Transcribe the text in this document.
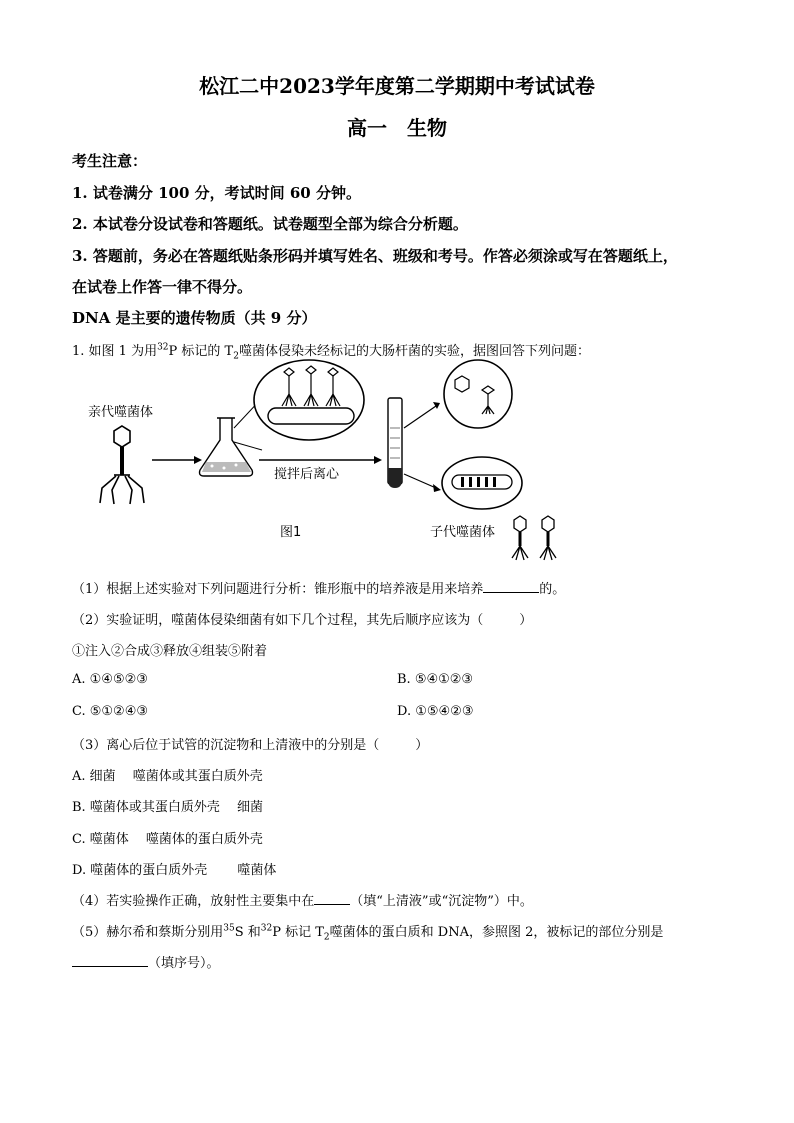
松江二中2023学年度第二学期期中考试试卷
高一　生物
考生注意：
1. 试卷满分 100 分，考试时间 60 分钟。
2. 本试卷分设试卷和答题纸。试卷题型全部为综合分析题。
3. 答题前，务必在答题纸贴条形码并填写姓名、班级和考号。作答必须涂或写在答题纸上，
在试卷上作答一律不得分。
DNA 是主要的遗传物质（共 9 分）
1. 如图 1 为用$^{32}$P 标记的 $T_2$噬菌体侵染未经标记的大肠杆菌的实验，据图回答下列问题：
亲代噬菌体
搅拌后离心
图1	子代噬菌体
（1）根据上述实验对下列问题进行分析：锥形瓶中的培养液是用来培养	的。
（2）实验证明，噬菌体侵染细菌有如下几个过程，其先后顺序应该为（	）
①注入②合成③释放④组装⑤附着
A. ①④⑤②③	B. ⑤④①②③
C. ⑤①②④③	D. ①⑤④②③
（3）离心后位于试管的沉淀物和上清液中的分别是（	）
A. 细菌　 噬菌体或其蛋白质外壳
B. 噬菌体或其蛋白质外壳　 细菌
C. 噬菌体　 噬菌体的蛋白质外壳
D. 噬菌体的蛋白质外壳　　 噬菌体
（4）若实验操作正确，放射性主要集中在	（填“上清液”或“沉淀物”）中。
（5）赫尔希和蔡斯分别用$^{35}$S 和$^{32}$P 标记 $T_2$噬菌体的蛋白质和 DNA，参照图 2，被标记的部位分别是
（填序号）。
